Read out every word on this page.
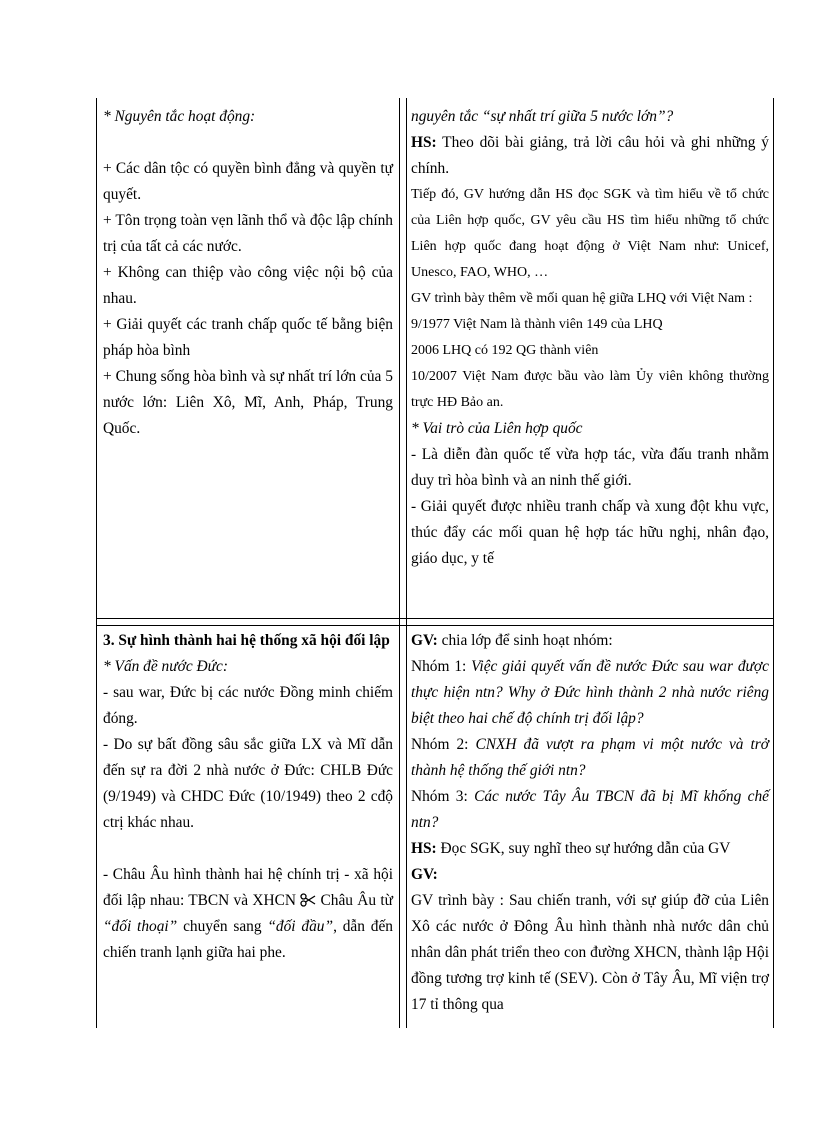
* Nguyên tắc hoạt động:

+ Các dân tộc có quyền bình đẳng và quyền tự quyết.

+ Tôn trọng toàn vẹn lãnh thổ và độc lập chính trị của tất cả các nước.

+ Không can thiệp vào công việc nội bộ của nhau.

+ Giải quyết các tranh chấp quốc tế bằng biện pháp hòa bình

+ Chung sống hòa bình và sự nhất trí lớn của 5 nước lớn: Liên Xô, Mĩ, Anh, Pháp, Trung Quốc.

nguyên tắc “sự nhất trí giữa 5 nước lớn”?

HS: Theo dõi bài giảng, trả lời câu hỏi và ghi những ý chính.

Tiếp đó, GV hướng dẫn HS đọc SGK và tìm hiểu về tổ chức của Liên hợp quốc, GV yêu cầu HS tìm hiểu những tổ chức Liên hợp quốc đang hoạt động ở Việt Nam như: Unicef, Unesco, FAO, WHO, …

GV trình bày thêm về mối quan hệ giữa LHQ với Việt Nam :

9/1977 Việt Nam là thành viên 149 của LHQ

2006 LHQ có 192 QG thành viên

10/2007 Việt Nam được bầu vào làm Ủy viên không thường trực HĐ Bảo an.

* Vai trò của Liên hợp quốc

- Là diễn đàn quốc tế vừa hợp tác, vừa đấu tranh nhằm duy trì hòa bình và an ninh thế giới.

- Giải quyết được nhiều tranh chấp và xung đột khu vực, thúc đẩy các mối quan hệ hợp tác hữu nghị, nhân đạo, giáo dục, y tế

3. Sự hình thành hai hệ thống xã hội đối lập

* Vấn đề nước Đức:

- sau war, Đức bị các nước Đồng minh chiếm đóng.

- Do sự bất đồng sâu sắc giữa LX và Mĩ dẫn đến sự ra đời 2 nhà nước ở Đức: CHLB Đức (9/1949) và CHDC Đức (10/1949) theo 2 cđộ ctrị khác nhau.

- Châu Âu hình thành hai hệ chính trị - xã hội đối lập nhau: TBCN và XHCN  Châu Âu từ “đối thoại” chuyển sang “đối đầu”, dẫn đến chiến tranh lạnh giữa hai phe.

GV: chia lớp để sinh hoạt nhóm:

Nhóm 1: Việc giải quyết vấn đề nước Đức sau war được thực hiện ntn? Why ở Đức hình thành 2 nhà nước riêng biệt theo hai chế độ chính trị đối lập?

Nhóm 2: CNXH đã vượt ra phạm vi một nước và trở thành hệ thống thế giới ntn?

Nhóm 3: Các nước Tây Âu TBCN đã bị Mĩ khống chế ntn?

HS: Đọc SGK, suy nghĩ theo sự hướng dẫn của GV

GV:

GV trình bày : Sau chiến tranh, với sự giúp đỡ của Liên Xô các nước ở Đông Âu hình thành nhà nước dân chủ nhân dân phát triển theo con đường XHCN, thành lập Hội đồng tương trợ kinh tế (SEV). Còn ở Tây Âu, Mĩ viện trợ 17 tỉ thông qua
